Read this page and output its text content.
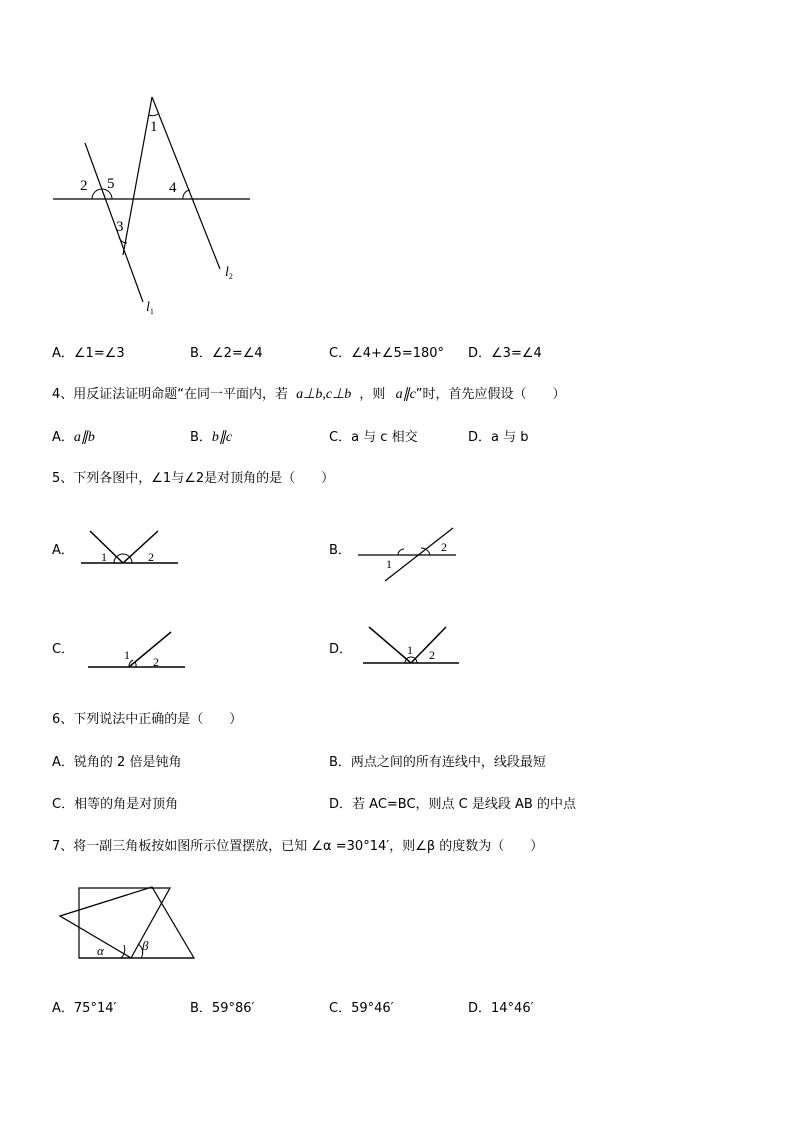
1
2 5
3
4
$l_2$
$l_1$
A．∠1=∠3	B．∠2=∠4	C．∠4+∠5=180° D．∠3=∠4
4、用反证法证明命题“在同一平面内，若 a⊥b,c⊥b ，则 a∥c”时，首先应假设（　　）
A．a∥b	B．b∥c	C．a 与 c 相交	D．a 与 b
5、下列各图中，∠1与∠2是对顶角的是（　　）
A． 1	2	B．
1
2
C．	1 2
D．	1 2
6、下列说法中正确的是（　　）
A．锐角的 2 倍是钝角	B．两点之间的所有连线中，线段最短
C．相等的角是对顶角	D．若 AC=BC，则点 C 是线段 AB 的中点
7、将一副三角板按如图所示位置摆放，已知 ∠α =30°14′，则∠β 的度数为（　　）
α	β
A．75°14′	B．59°86′	C．59°46′	D．14°46′
